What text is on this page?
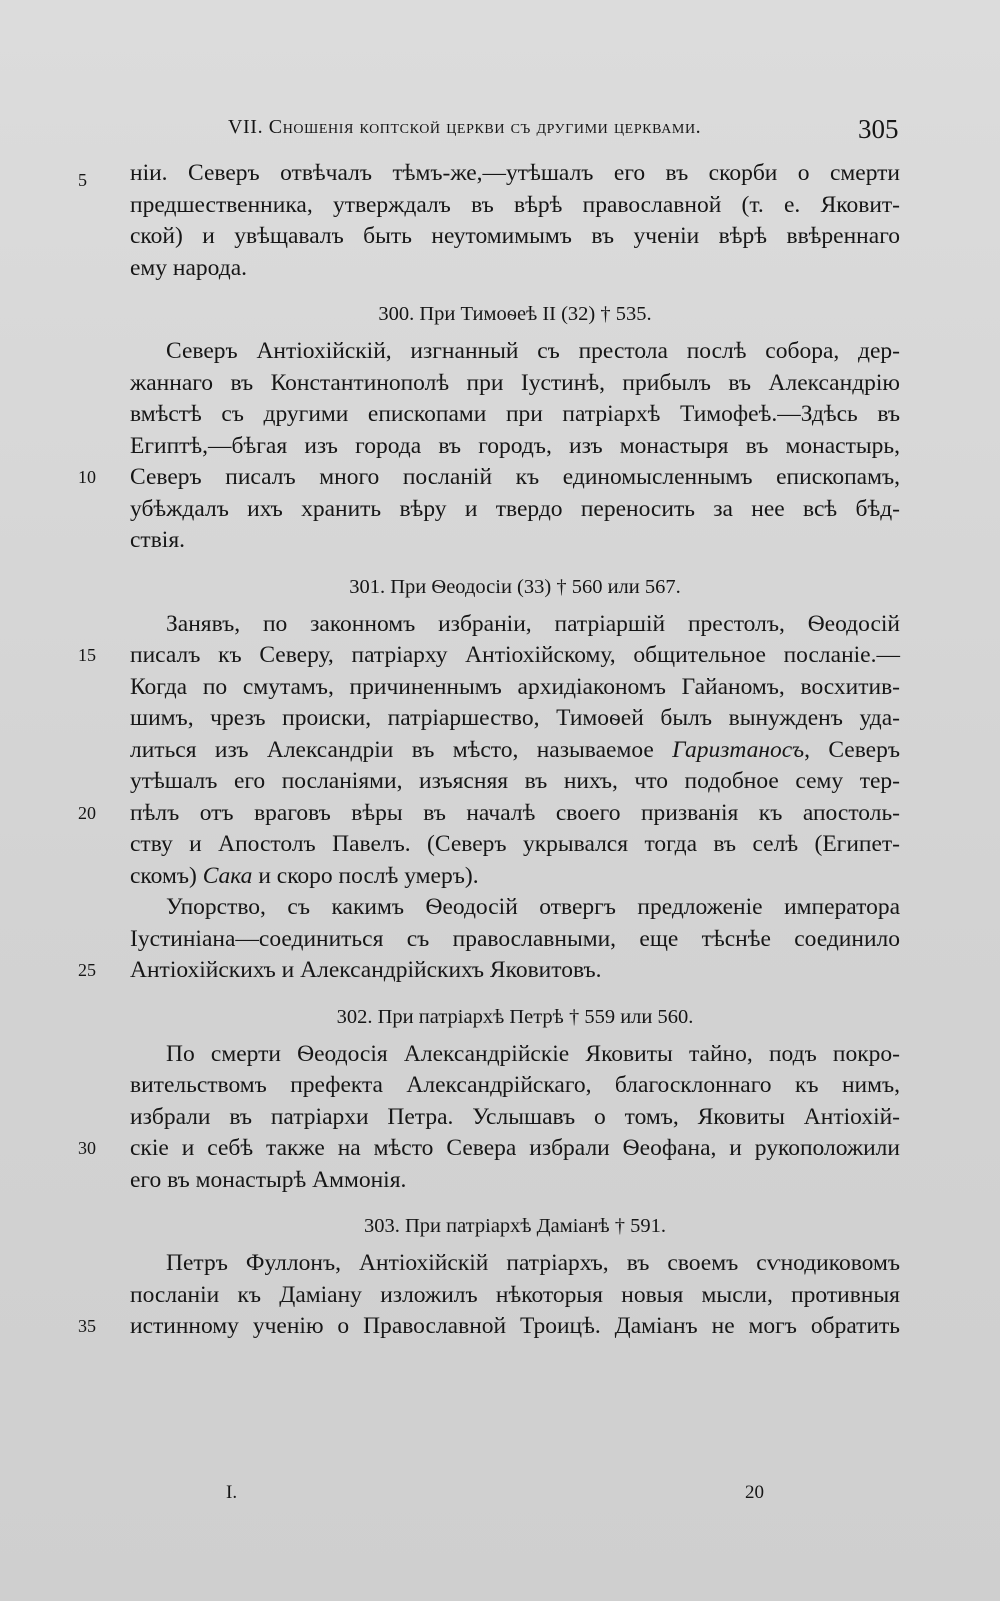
VII. Сношенія коптской церкви съ другими церквами.	305
ніи. Северъ отвѣчалъ тѣмъ-же,—утѣшалъ его въ скорби о смерти
предшественника, утверждалъ въ вѣрѣ православной (т. е. Яковит-
ской) и увѣщавалъ быть неутомимымъ въ ученіи вѣрѣ ввѣреннаго
ему народа.
300. При Тимоѳеѣ II (32) † 535.
5
Северъ Антіохійскій, изгнанный съ престола послѣ собора, дер-
жаннаго въ Константинополѣ при Іустинѣ, прибылъ въ Александрію
вмѣстѣ съ другими епископами при патріархѣ Тимофеѣ.—Здѣсь въ
Египтѣ,—бѣгая изъ города въ городъ, изъ монастыря въ монастырь,
Северъ писалъ много посланій къ единомысленнымъ епископамъ,
10
убѣждалъ ихъ хранить вѣру и твердо переносить за нее всѣ бѣд-
ствія.
301. При Ѳеодосіи (33) † 560 или 567.
Занявъ, по законномъ избраніи, патріаршій престолъ, Ѳеодосій
писалъ къ Северу, патріарху Антіохійскому, общительное посланіе.—
15
Когда по смутамъ, причиненнымъ архидіакономъ Гайаномъ, восхитив-
шимъ, чрезъ происки, патріаршество, Тимоѳей былъ вынужденъ уда-
литься изъ Александріи въ мѣсто, называемое Гаризтаносъ, Северъ
утѣшалъ его посланіями, изъясняя въ нихъ, что подобное сему тер-
пѣлъ отъ враговъ вѣры въ началѣ своего призванія къ апостоль-
20
ству и Апостолъ Павелъ. (Северъ укрывался тогда въ селѣ (Египет-
скомъ) Сака и скоро послѣ умеръ).
Упорство, съ какимъ Ѳеодосій отвергъ предложеніе императора
Іустиніана—соединиться съ православными, еще тѣснѣе соединило
Антіохійскихъ и Александрійскихъ Яковитовъ.
25
302. При патріархѣ Петрѣ † 559 или 560.
По смерти Ѳеодосія Александрійскіе Яковиты тайно, подъ покро-
вительствомъ префекта Александрійскаго, благосклоннаго къ нимъ,
избрали въ патріархи Петра. Услышавъ о томъ, Яковиты Антіохій-
скіе и себѣ также на мѣсто Севера избрали Ѳеофана, и рукоположили
30
его въ монастырѣ Аммонія.
303. При патріархѣ Даміанѣ † 591.
Петръ Фуллонъ, Антіохійскій патріархъ, въ своемъ сѵнодиковомъ
посланіи къ Даміану изложилъ нѣкоторыя новыя мысли, противныя
истинному ученію о Православной Троицѣ. Даміанъ не могъ обратить
35
I.	20
